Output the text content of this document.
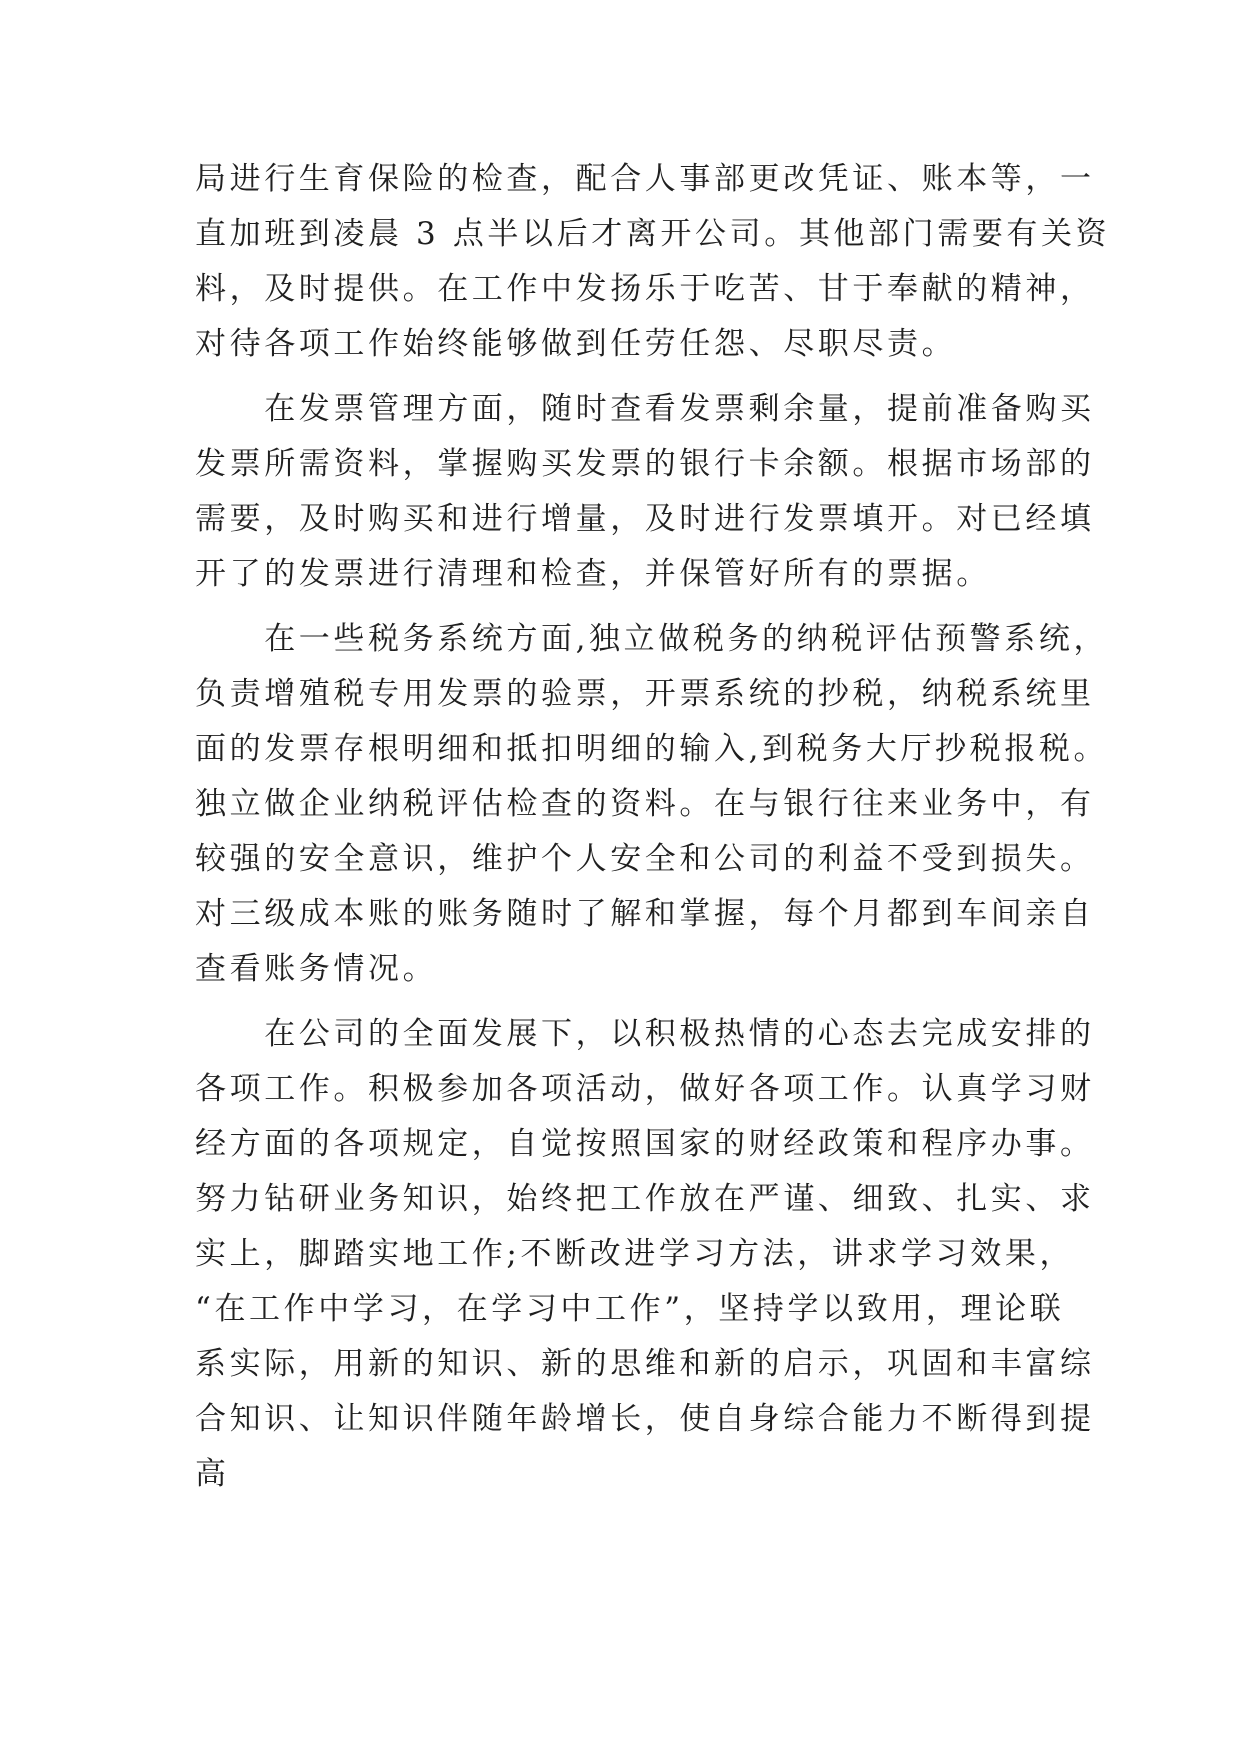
局进行生育保险的检查，配合人事部更改凭证、账本等，一
直加班到凌晨 3 点半以后才离开公司。其他部门需要有关资
料，及时提供。在工作中发扬乐于吃苦、甘于奉献的精神，
对待各项工作始终能够做到任劳任怨、尽职尽责。
　　在发票管理方面，随时查看发票剩余量，提前准备购买
发票所需资料，掌握购买发票的银行卡余额。根据市场部的
需要，及时购买和进行增量，及时进行发票填开。对已经填
开了的发票进行清理和检查，并保管好所有的票据。
　　在一些税务系统方面,独立做税务的纳税评估预警系统，
负责增殖税专用发票的验票，开票系统的抄税，纳税系统里
面的发票存根明细和抵扣明细的输入,到税务大厅抄税报税。
独立做企业纳税评估检查的资料。在与银行往来业务中，有
较强的安全意识，维护个人安全和公司的利益不受到损失。
对三级成本账的账务随时了解和掌握，每个月都到车间亲自
查看账务情况。
　　在公司的全面发展下，以积极热情的心态去完成安排的
各项工作。积极参加各项活动，做好各项工作。认真学习财
经方面的各项规定，自觉按照国家的财经政策和程序办事。
努力钻研业务知识，始终把工作放在严谨、细致、扎实、求
实上，脚踏实地工作;不断改进学习方法，讲求学习效果，
“在工作中学习，在学习中工作”，坚持学以致用，理论联
系实际，用新的知识、新的思维和新的启示，巩固和丰富综
合知识、让知识伴随年龄增长，使自身综合能力不断得到提
高
